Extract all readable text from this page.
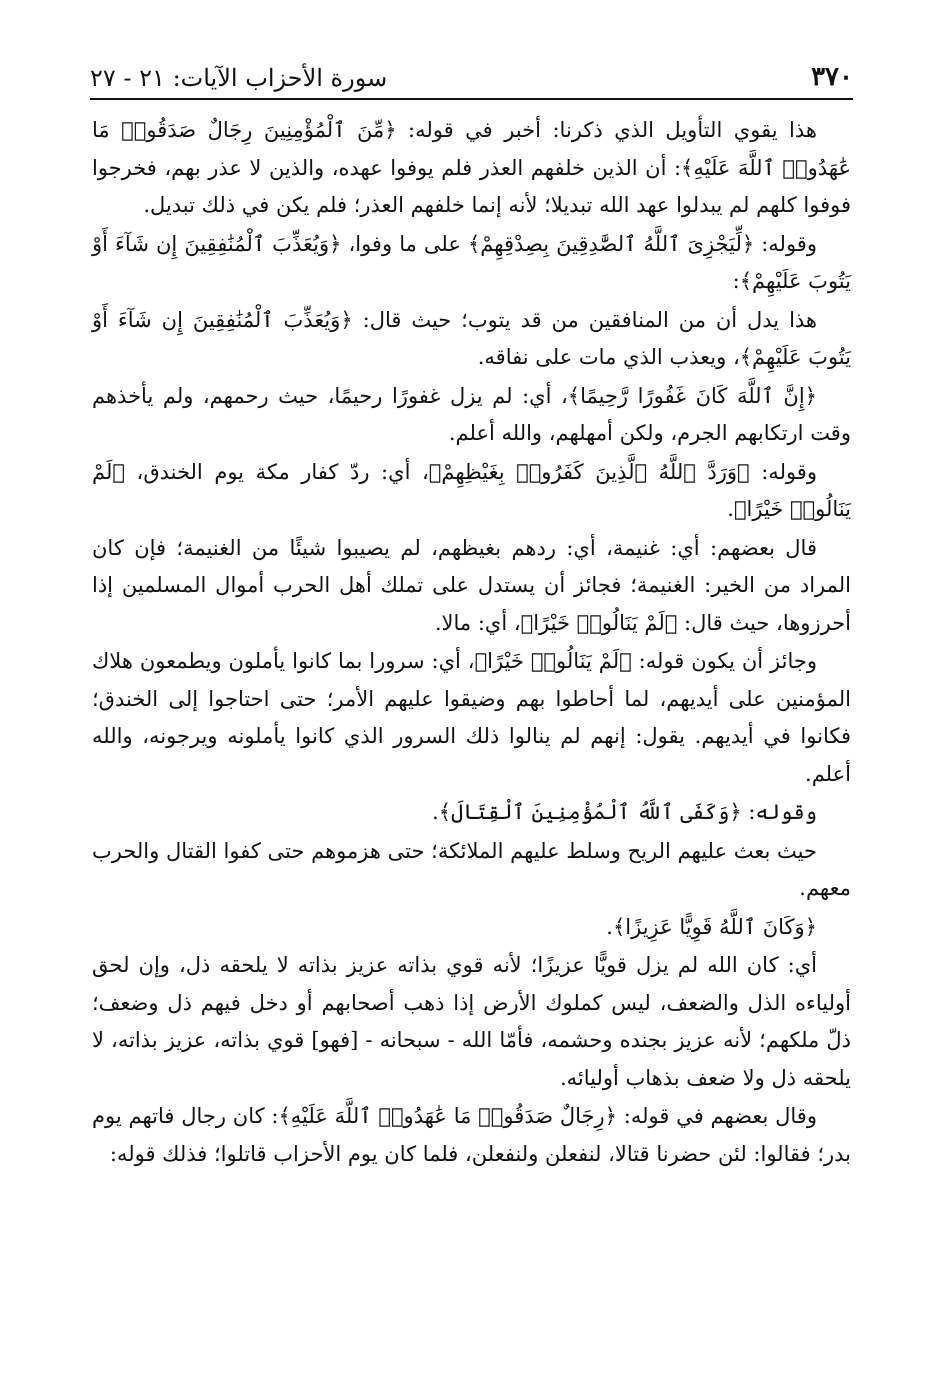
٣٧٠
سورة الأحزاب الآيات: ٢١ - ٢٧

هذا يقوي التأويل الذي ذكرنا: أخبر في قوله: ﴿مِّنَ ٱلْمُؤْمِنِينَ رِجَالٌ صَدَقُوا۟ مَا عَٰهَدُوا۟ ٱللَّهَ عَلَيْهِ﴾: أن الذين خلفهم العذر فلم يوفوا عهده، والذين لا عذر بهم، فخرجوا فوفوا كلهم لم يبدلوا عهد الله تبديلا؛ لأنه إنما خلفهم العذر؛ فلم يكن في ذلك تبديل.

وقوله: ﴿لِّيَجْزِىَ ٱللَّهُ ٱلصَّٰدِقِينَ بِصِدْقِهِمْ﴾ على ما وفوا، ﴿وَيُعَذِّبَ ٱلْمُنَٰفِقِينَ إِن شَآءَ أَوْ يَتُوبَ عَلَيْهِمْ﴾:

هذا يدل أن من المنافقين من قد يتوب؛ حيث قال: ﴿وَيُعَذِّبَ ٱلْمُنَٰفِقِينَ إِن شَآءَ أَوْ يَتُوبَ عَلَيْهِمْ﴾، ويعذب الذي مات على نفاقه.

﴿إِنَّ ٱللَّهَ كَانَ غَفُورًا رَّحِيمًا﴾، أي: لم يزل غفورًا رحيمًا، حيث رحمهم، ولم يأخذهم وقت ارتكابهم الجرم، ولكن أمهلهم، والله أعلم.

وقوله: ﴿وَرَدَّ ٱللَّهُ ٱلَّذِينَ كَفَرُوا۟ بِغَيْظِهِمْ﴾، أي: ردّ كفار مكة يوم الخندق، ﴿لَمْ يَنَالُوا۟ خَيْرًا﴾.

قال بعضهم: أي: غنيمة، أي: ردهم بغيظهم، لم يصيبوا شيئًا من الغنيمة؛ فإن كان المراد من الخير: الغنيمة؛ فجائز أن يستدل على تملك أهل الحرب أموال المسلمين إذا أحرزوها، حيث قال: ﴿لَمْ يَنَالُوا۟ خَيْرًا﴾، أي: مالا.

وجائز أن يكون قوله: ﴿لَمْ يَنَالُوا۟ خَيْرًا﴾، أي: سرورا بما كانوا يأملون ويطمعون هلاك المؤمنين على أيديهم، لما أحاطوا بهم وضيقوا عليهم الأمر؛ حتى احتاجوا إلى الخندق؛ فكانوا في أيديهم. يقول: إنهم لم ينالوا ذلك السرور الذي كانوا يأملونه ويرجونه، والله أعلم.

وقوله: ﴿وَكَفَى ٱللَّهُ ٱلْمُؤْمِنِينَ ٱلْقِتَالَ﴾.

حيث بعث عليهم الريح وسلط عليهم الملائكة؛ حتى هزموهم حتى كفوا القتال والحرب معهم.

﴿وَكَانَ ٱللَّهُ قَوِيًّا عَزِيزًا﴾.

أي: كان الله لم يزل قويًّا عزيزًا؛ لأنه قوي بذاته عزيز بذاته لا يلحقه ذل، وإن لحق أولياءه الذل والضعف، ليس كملوك الأرض إذا ذهب أصحابهم أو دخل فيهم ذل وضعف؛ ذلّ ملكهم؛ لأنه عزيز بجنده وحشمه، فأمّا الله - سبحانه - [فهو] قوي بذاته، عزيز بذاته، لا يلحقه ذل ولا ضعف بذهاب أوليائه.

وقال بعضهم في قوله: ﴿رِجَالٌ صَدَقُوا۟ مَا عَٰهَدُوا۟ ٱللَّهَ عَلَيْهِ﴾: كان رجال فاتهم يوم بدر؛ فقالوا: لئن حضرنا قتالا، لنفعلن ولنفعلن، فلما كان يوم الأحزاب قاتلوا؛ فذلك قوله:
